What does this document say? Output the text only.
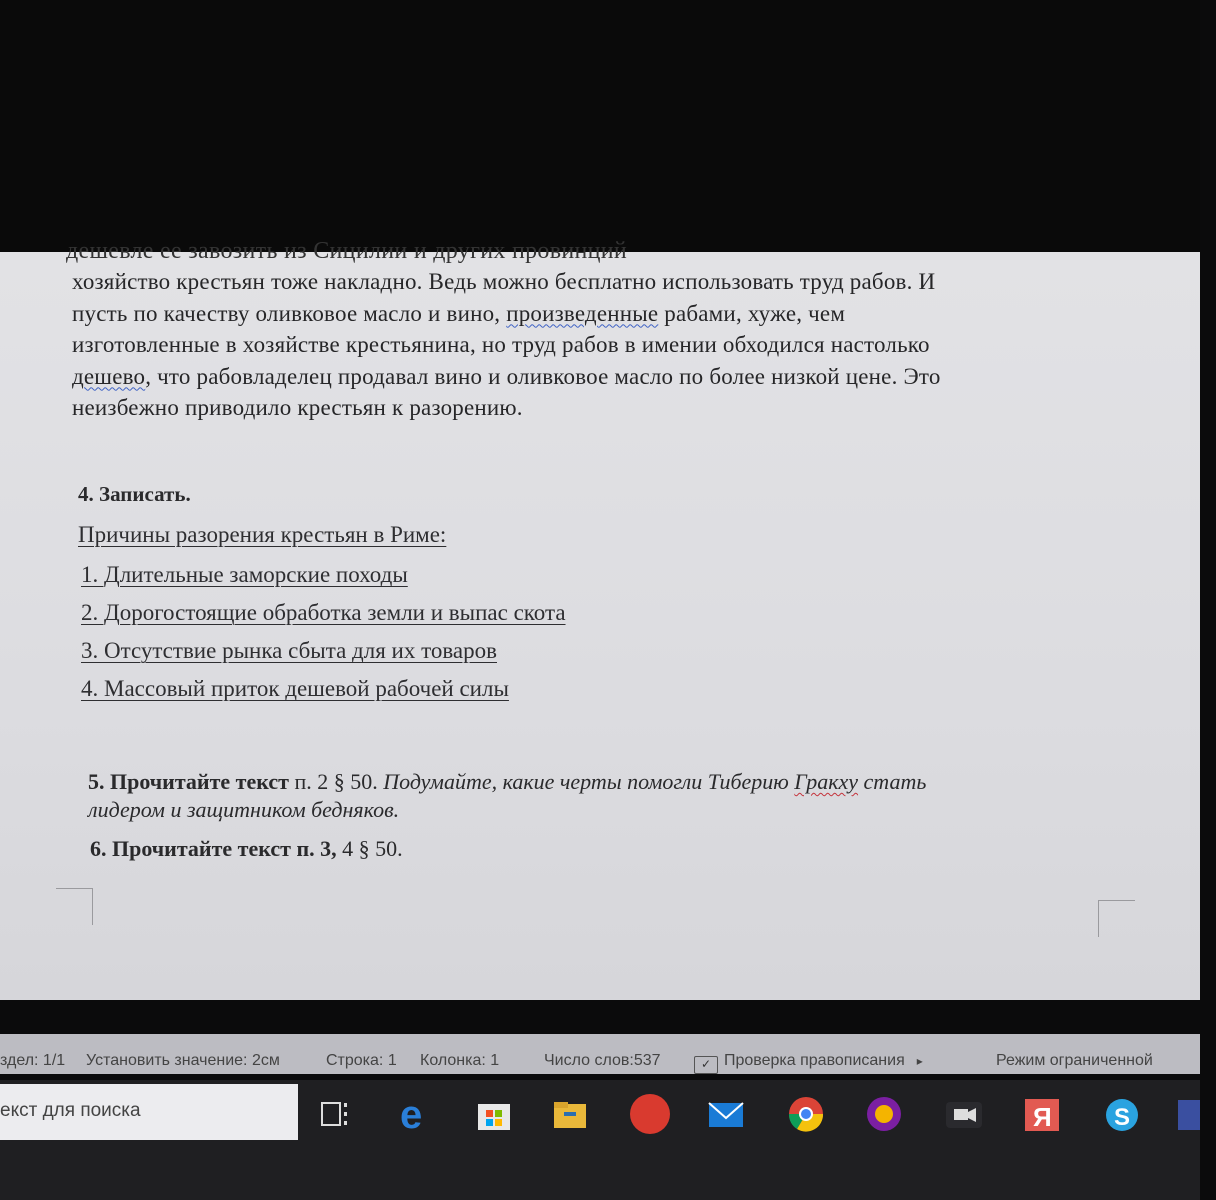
дешевле ее завозить из Сицилии и других провинций
хозяйство крестьян тоже накладно. Ведь можно бесплатно использовать труд рабов. И
пусть по качеству оливковое масло и вино, произведенные рабами, хуже, чем
изготовленные в хозяйстве крестьянина, но труд рабов в имении обходился настолько
дешево, что рабовладелец продавал вино и оливковое масло по более низкой цене. Это
неизбежно приводило крестьян к разорению.
4. Записать.
Причины разорения крестьян в Риме:
1. Длительные заморские походы
2. Дорогостоящие обработка земли и выпас скота
3. Отсутствие рынка сбыта для их товаров
4. Массовый приток дешевой рабочей силы
5. Прочитайте текст п. 2 § 50. Подумайте, какие черты помогли Тиберию Гракху стать
лидером и защитником бедняков.
6. Прочитайте текст п. 3, 4 § 50.
здел: 1/1 Установить значение: 2см	Строка: 1 Колонка: 1	Число слов:537	✓ Проверка правописания ▸	Режим ограниченной
екст для поиска	e	Я	S
